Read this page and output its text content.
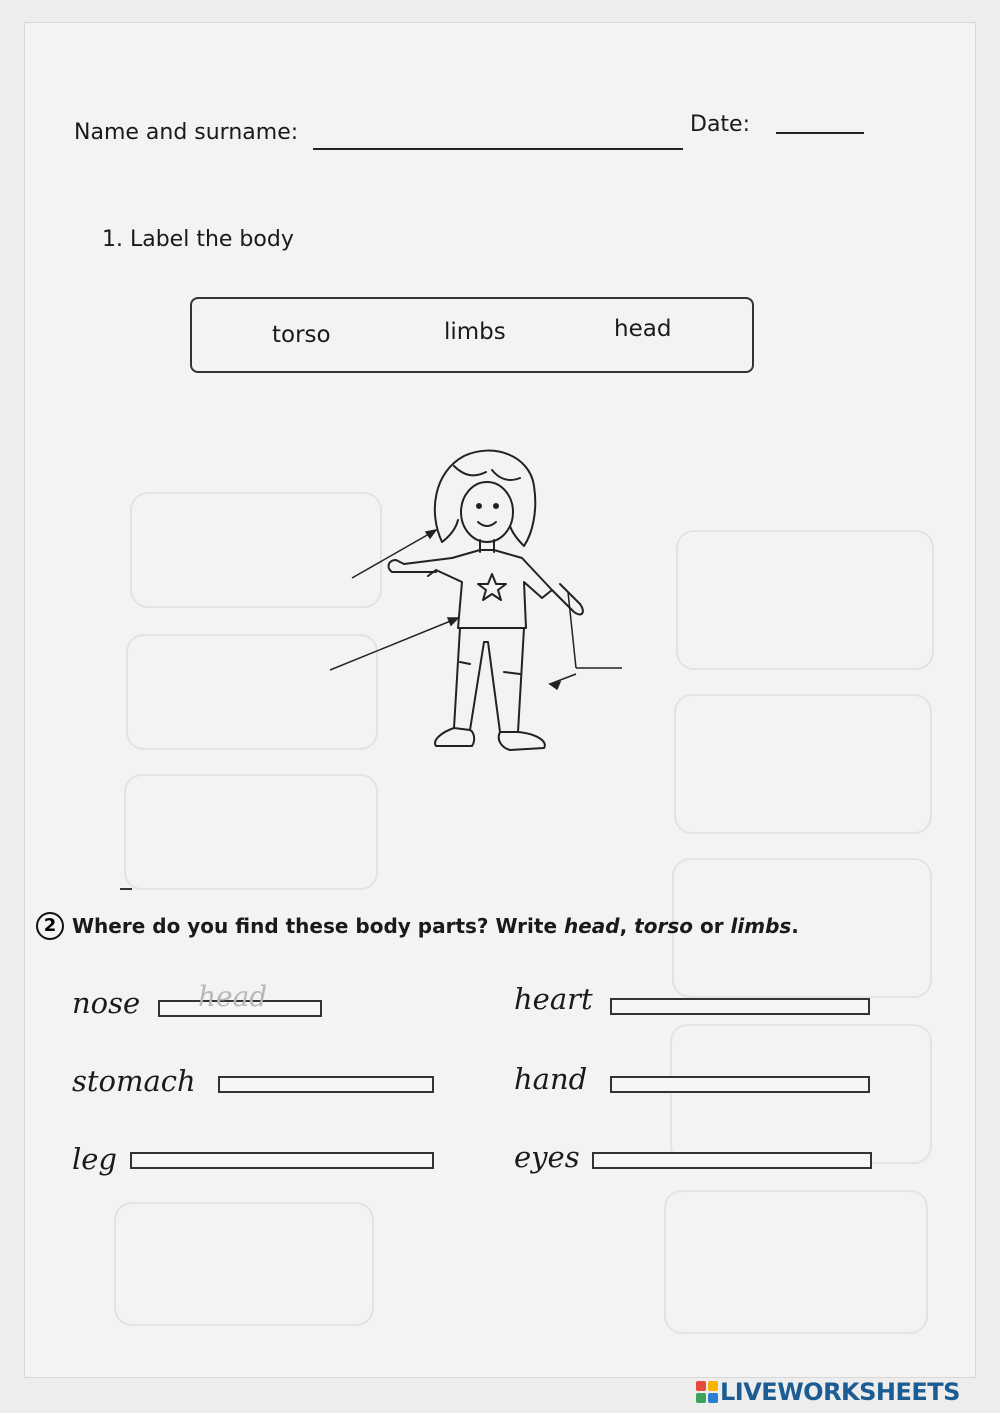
Name and surname:	Date:
1. Label the body
torso	limbs	head
2 Where do you find these body parts? Write head, torso or limbs.
nose head	heart
stomach	hand
leg	eyes
LIVEWORKSHEETS
